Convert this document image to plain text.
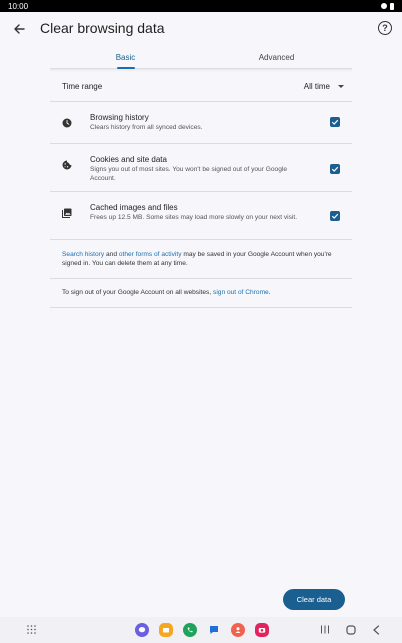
10:00
Clear browsing data	?
Basic	Advanced
Time range	All time
Browsing history
Clears history from all synced devices.
Cookies and site data
Signs you out of most sites. You won't be signed out of your Google Account.
Cached images and files
Frees up 12.5 MB. Some sites may load more slowly on your next visit.
Search history and other forms of activity may be saved in your Google Account when you're signed in. You can delete them at any time.
To sign out of your Google Account on all websites, sign out of Chrome.
Clear data
